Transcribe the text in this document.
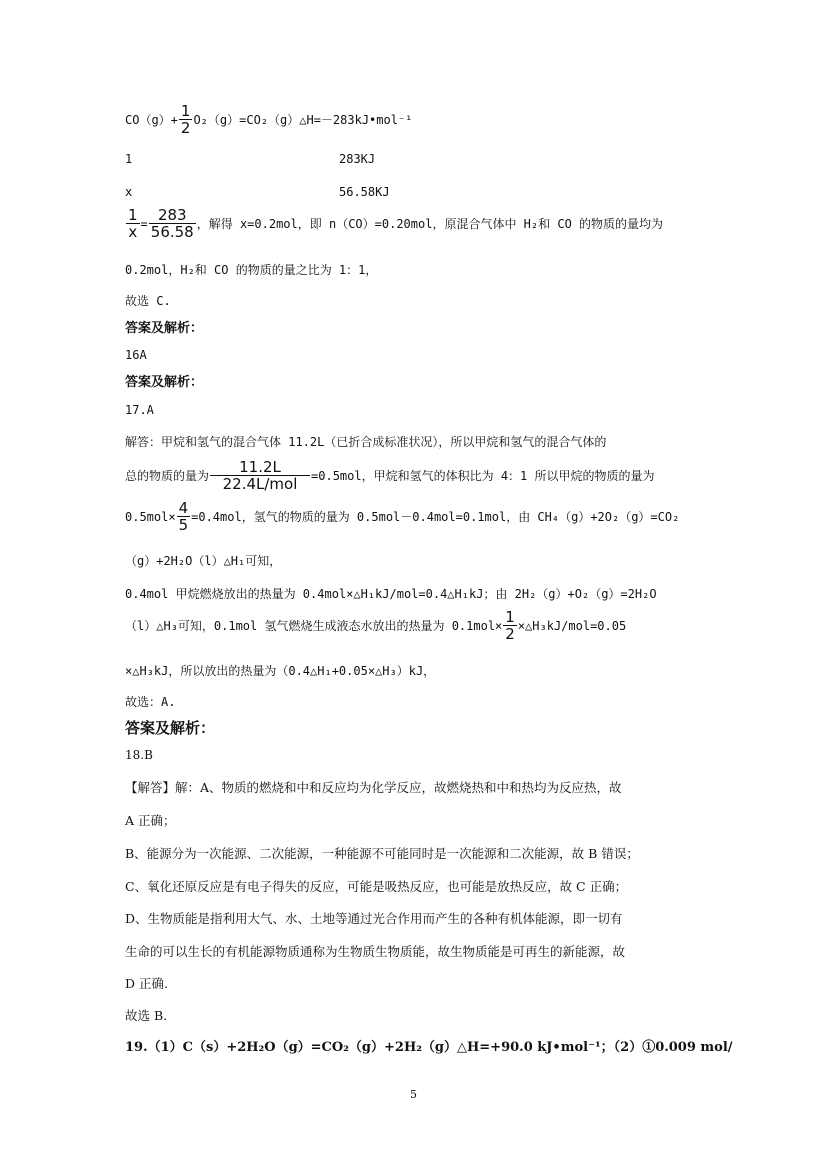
$CO(g)+ \frac{1}{2}$ O₂（g）=CO₂（g）△H=－283kJ•mol⁻¹
1	283KJ
x	56.58KJ
$\frac{1}{x} = \frac{283}{56.58}$ ，解得 x=0.2mol，即 n（CO）=0.20mol，原混合气体中 H₂和 CO 的物质的量均为
0.2mol，H₂和 CO 的物质的量之比为 1：1，
故选 C.
答案及解析：
16A
答案及解析：
17.A
解答：甲烷和氢气的混合气体 11.2L（已折合成标准状况），所以甲烷和氢气的混合气体的
总的物质的量为 $\frac{11.2L}{\text{22.4L/mol}} =0.5mol$，甲烷和氢气的体积比为 4：1 所以甲烷的物质的量为
$0.5mol\times \frac{4}{5} =0.4mol$，氢气的物质的量为 0.5mol－0.4mol=0.1mol，由 CH₄（g）+2O₂（g）=CO₂
（g）+2H₂O（l）△H₁可知，
0.4mol 甲烷燃烧放出的热量为 0.4mol×△H₁kJ/mol=0.4△H₁kJ；由 2H₂（g）+O₂（g）=2H₂O
（l）△H₃可知，0.1mol 氢气燃烧生成液态水放出的热量为 $0.1mol\times \frac{1}{2}$ ×△H₃kJ/mol=0.05
×△H₃kJ，所以放出的热量为（0.4△H₁+0.05×△H₃）kJ，
故选：A.
答案及解析：
18.B
【解答】解：A、物质的燃烧和中和反应均为化学反应，故燃烧热和中和热均为反应热，故
A 正确；
B、能源分为一次能源、二次能源，一种能源不可能同时是一次能源和二次能源，故 B 错误；
C、氧化还原反应是有电子得失的反应，可能是吸热反应，也可能是放热反应，故 C 正确；
D、生物质能是指利用大气、水、土地等通过光合作用而产生的各种有机体能源，即一切有
生命的可以生长的有机能源物质通称为生物质生物质能，故生物质能是可再生的新能源，故
D 正确.
故选 B.
19.（1）C（s）+2H₂O（g）=CO₂（g）+2H₂（g）△H=+90.0 kJ•mol⁻¹；（2）①0.009 mol/
5
